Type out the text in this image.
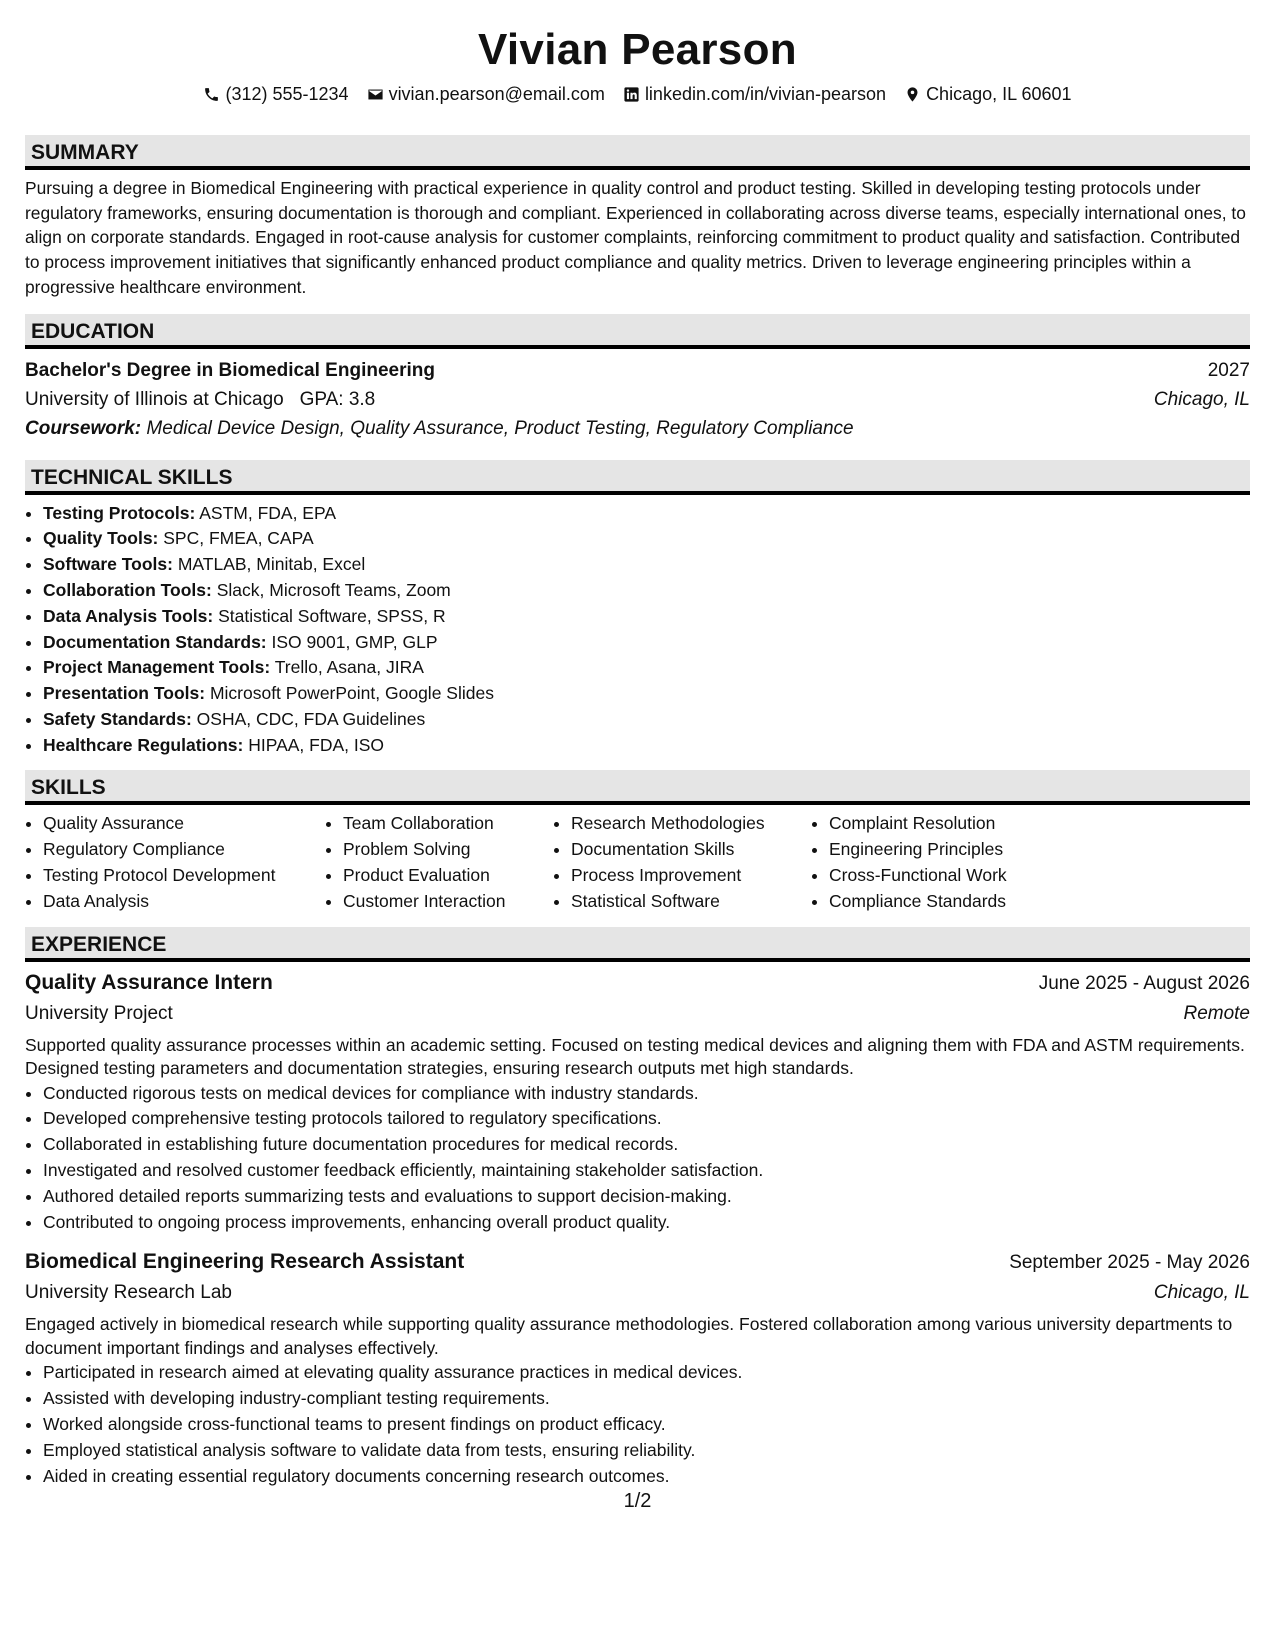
Vivian Pearson
(312) 555-1234 vivian.pearson@email.com linkedin.com/in/vivian-pearson Chicago, IL 60601
SUMMARY
Pursuing a degree in Biomedical Engineering with practical experience in quality control and product testing. Skilled in developing testing protocols under regulatory frameworks, ensuring documentation is thorough and compliant. Experienced in collaborating across diverse teams, especially international ones, to align on corporate standards. Engaged in root-cause analysis for customer complaints, reinforcing commitment to product quality and satisfaction. Contributed to process improvement initiatives that significantly enhanced product compliance and quality metrics. Driven to leverage engineering principles within a progressive healthcare environment.
EDUCATION
Bachelor's Degree in Biomedical Engineering	2027
University of Illinois at Chicago GPA: 3.8	Chicago, IL
Coursework: Medical Device Design, Quality Assurance, Product Testing, Regulatory Compliance
TECHNICAL SKILLS
• Testing Protocols: ASTM, FDA, EPA
• Quality Tools: SPC, FMEA, CAPA
• Software Tools: MATLAB, Minitab, Excel
• Collaboration Tools: Slack, Microsoft Teams, Zoom
• Data Analysis Tools: Statistical Software, SPSS, R
• Documentation Standards: ISO 9001, GMP, GLP
• Project Management Tools: Trello, Asana, JIRA
• Presentation Tools: Microsoft PowerPoint, Google Slides
• Safety Standards: OSHA, CDC, FDA Guidelines
• Healthcare Regulations: HIPAA, FDA, ISO
SKILLS
• Quality Assurance
• Regulatory Compliance
• Testing Protocol Development
• Data Analysis
• Team Collaboration
• Problem Solving
• Product Evaluation
• Customer Interaction
• Research Methodologies
• Documentation Skills
• Process Improvement
• Statistical Software
• Complaint Resolution
• Engineering Principles
• Cross-Functional Work
• Compliance Standards
EXPERIENCE
Quality Assurance Intern	June 2025 - August 2026
University Project	Remote
Supported quality assurance processes within an academic setting. Focused on testing medical devices and aligning them with FDA and ASTM requirements. Designed testing parameters and documentation strategies, ensuring research outputs met high standards.
• Conducted rigorous tests on medical devices for compliance with industry standards.
• Developed comprehensive testing protocols tailored to regulatory specifications.
• Collaborated in establishing future documentation procedures for medical records.
• Investigated and resolved customer feedback efficiently, maintaining stakeholder satisfaction.
• Authored detailed reports summarizing tests and evaluations to support decision-making.
• Contributed to ongoing process improvements, enhancing overall product quality.
Biomedical Engineering Research Assistant	September 2025 - May 2026
University Research Lab	Chicago, IL
Engaged actively in biomedical research while supporting quality assurance methodologies. Fostered collaboration among various university departments to document important findings and analyses effectively.
• Participated in research aimed at elevating quality assurance practices in medical devices.
• Assisted with developing industry-compliant testing requirements.
• Worked alongside cross-functional teams to present findings on product efficacy.
• Employed statistical analysis software to validate data from tests, ensuring reliability.
• Aided in creating essential regulatory documents concerning research outcomes.
1/2
